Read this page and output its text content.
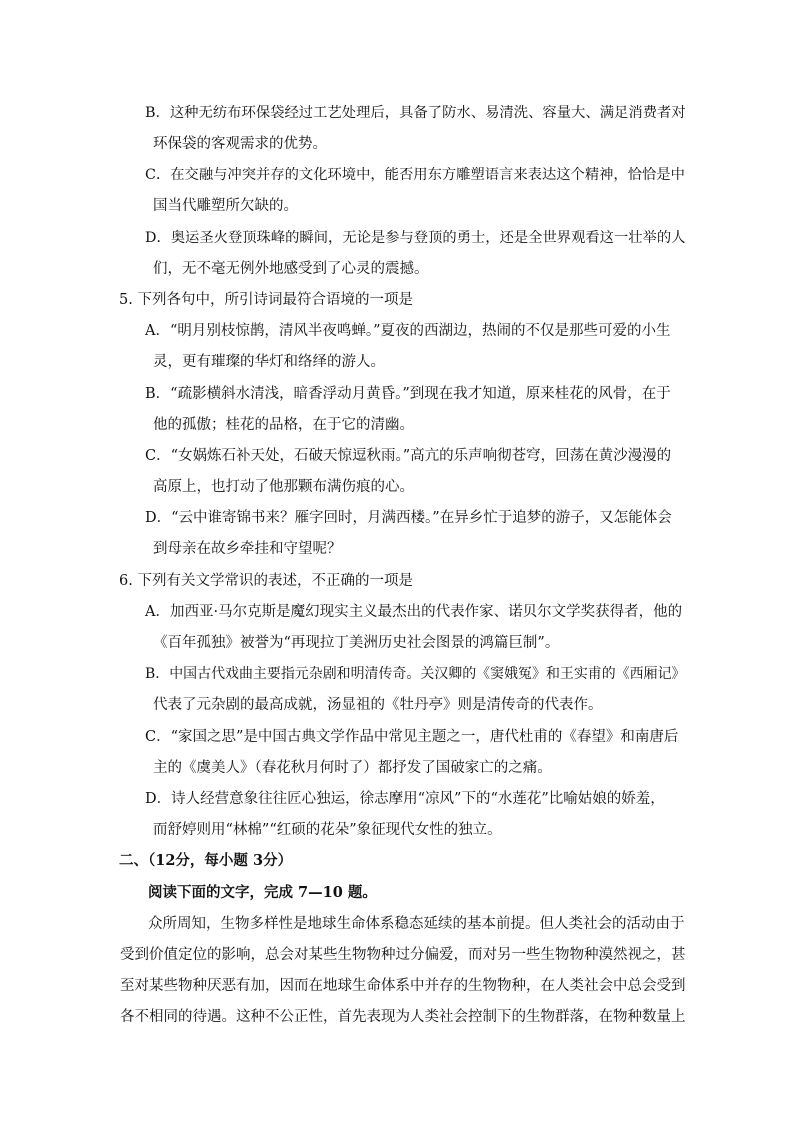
B．这种无纺布环保袋经过工艺处理后，具备了防水、易清洗、容量大、满足消费者对
环保袋的客观需求的优势。
C．在交融与冲突并存的文化环境中，能否用东方雕塑语言来表达这个精神，恰恰是中
国当代雕塑所欠缺的。
D．奥运圣火登顶珠峰的瞬间，无论是参与登顶的勇士，还是全世界观看这一壮举的人
们，无不毫无例外地感受到了心灵的震撼。
5. 下列各句中，所引诗词最符合语境的一项是
A．“明月别枝惊鹊，清风半夜鸣蝉。”夏夜的西湖边，热闹的不仅是那些可爱的小生
灵，更有璀璨的华灯和络绎的游人。
B．“疏影横斜水清浅，暗香浮动月黄昏。”到现在我才知道，原来桂花的风骨，在于
他的孤傲；桂花的品格，在于它的清幽。
C．“女娲炼石补天处，石破天惊逗秋雨。”高亢的乐声响彻苍穹，回荡在黄沙漫漫的
高原上，也打动了他那颗布满伤痕的心。
D．“云中谁寄锦书来？雁字回时，月满西楼。”在异乡忙于追梦的游子，又怎能体会
到母亲在故乡牵挂和守望呢？
6. 下列有关文学常识的表述，不正确的一项是
A．加西亚·马尔克斯是魔幻现实主义最杰出的代表作家、诺贝尔文学奖获得者，他的
《百年孤独》被誉为“再现拉丁美洲历史社会图景的鸿篇巨制”。
B．中国古代戏曲主要指元杂剧和明清传奇。关汉卿的《窦娥冤》和王实甫的《西厢记》
代表了元杂剧的最高成就，汤显祖的《牡丹亭》则是清传奇的代表作。
C．“家国之思”是中国古典文学作品中常见主题之一，唐代杜甫的《春望》和南唐后
主的《虞美人》（春花秋月何时了）都抒发了国破家亡的之痛。
D．诗人经营意象往往匠心独运，徐志摩用“凉风”下的“水莲花”比喻姑娘的娇羞，
而舒婷则用“林棉”“红硕的花朵”象征现代女性的独立。
二、（12分，每小题 3分）
阅读下面的文字，完成 7—10 题。
众所周知，生物多样性是地球生命体系稳态延续的基本前提。但人类社会的活动由于
受到价值定位的影响，总会对某些生物物种过分偏爱，而对另一些生物物种漠然视之，甚
至对某些物种厌恶有加，因而在地球生命体系中并存的生物物种，在人类社会中总会受到
各不相同的待遇。这种不公正性，首先表现为人类社会控制下的生物群落，在物种数量上
